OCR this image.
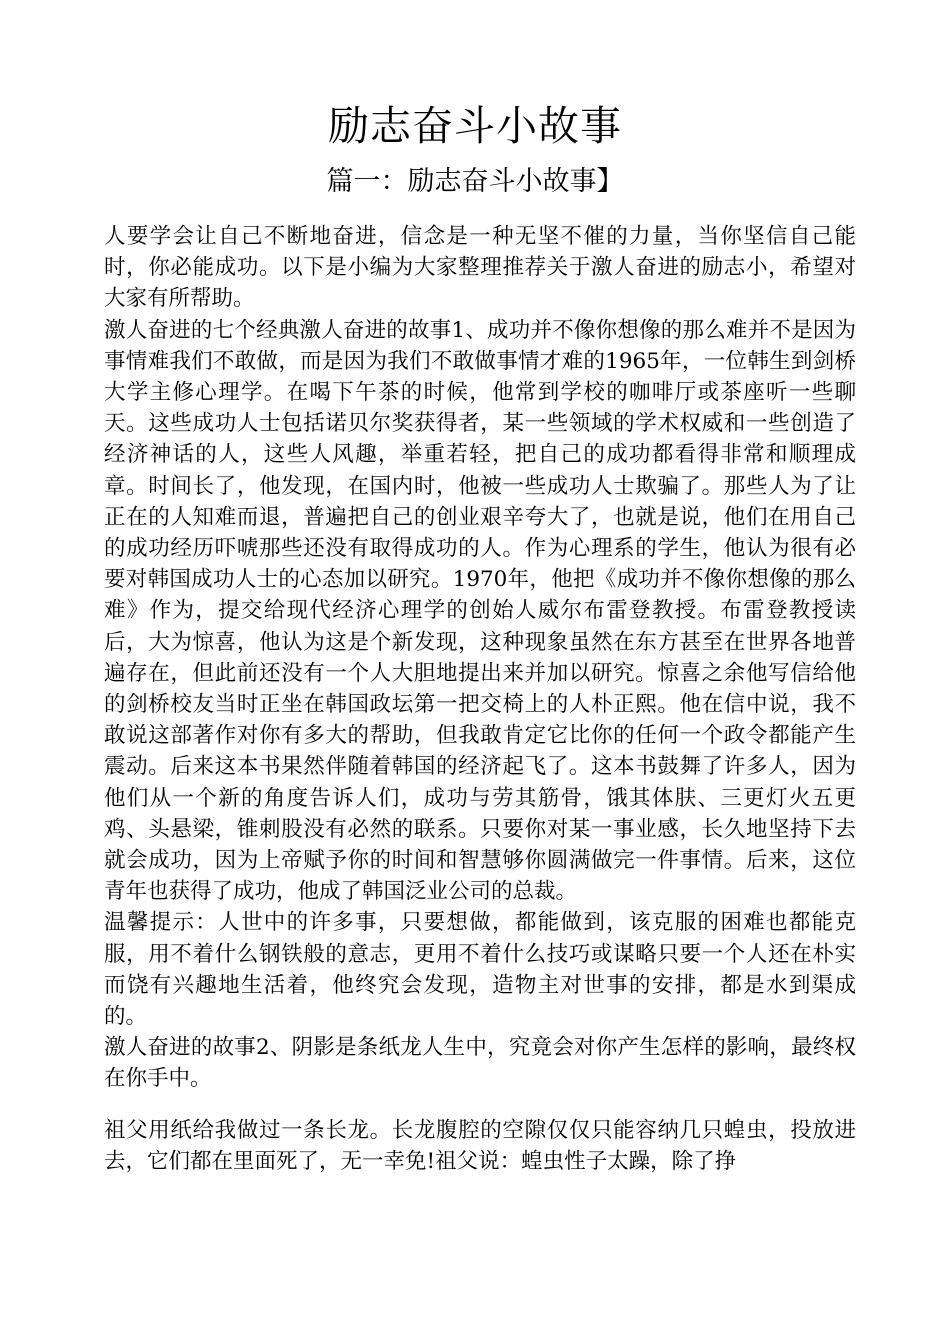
励志奋斗小故事
篇一：励志奋斗小故事】

人要学会让自己不断地奋进，信念是一种无坚不催的力量，当你坚信自己能时，你必能成功。以下是小编为大家整理推荐关于激人奋进的励志小，希望对大家有所帮助。

激人奋进的七个经典激人奋进的故事1、成功并不像你想像的那么难并不是因为事情难我们不敢做，而是因为我们不敢做事情才难的1965年，一位韩生到剑桥大学主修心理学。在喝下午茶的时候，他常到学校的咖啡厅或茶座听一些聊天。这些成功人士包括诺贝尔奖获得者，某一些领域的学术权威和一些创造了经济神话的人，这些人风趣，举重若轻，把自己的成功都看得非常和顺理成章。时间长了，他发现，在国内时，他被一些成功人士欺骗了。那些人为了让正在的人知难而退，普遍把自己的创业艰辛夸大了，也就是说，他们在用自己的成功经历吓唬那些还没有取得成功的人。作为心理系的学生，他认为很有必要对韩国成功人士的心态加以研究。1970年，他把《成功并不像你想像的那么难》作为，提交给现代经济心理学的创始人威尔布雷登教授。布雷登教授读后，大为惊喜，他认为这是个新发现，这种现象虽然在东方甚至在世界各地普遍存在，但此前还没有一个人大胆地提出来并加以研究。惊喜之余他写信给他的剑桥校友当时正坐在韩国政坛第一把交椅上的人朴正熙。他在信中说，我不敢说这部著作对你有多大的帮助，但我敢肯定它比你的任何一个政令都能产生震动。后来这本书果然伴随着韩国的经济起飞了。这本书鼓舞了许多人，因为他们从一个新的角度告诉人们，成功与劳其筋骨，饿其体肤、三更灯火五更鸡、头悬梁，锥刺股没有必然的联系。只要你对某一事业感，长久地坚持下去就会成功，因为上帝赋予你的时间和智慧够你圆满做完一件事情。后来，这位青年也获得了成功，他成了韩国泛业公司的总裁。

温馨提示：人世中的许多事，只要想做，都能做到，该克服的困难也都能克服，用不着什么钢铁般的意志，更用不着什么技巧或谋略只要一个人还在朴实而饶有兴趣地生活着，他终究会发现，造物主对世事的安排，都是水到渠成的。

激人奋进的故事2、阴影是条纸龙人生中，究竟会对你产生怎样的影响，最终权在你手中。

祖父用纸给我做过一条长龙。长龙腹腔的空隙仅仅只能容纳几只蝗虫，投放进去，它们都在里面死了，无一幸免!祖父说：蝗虫性子太躁，除了挣
